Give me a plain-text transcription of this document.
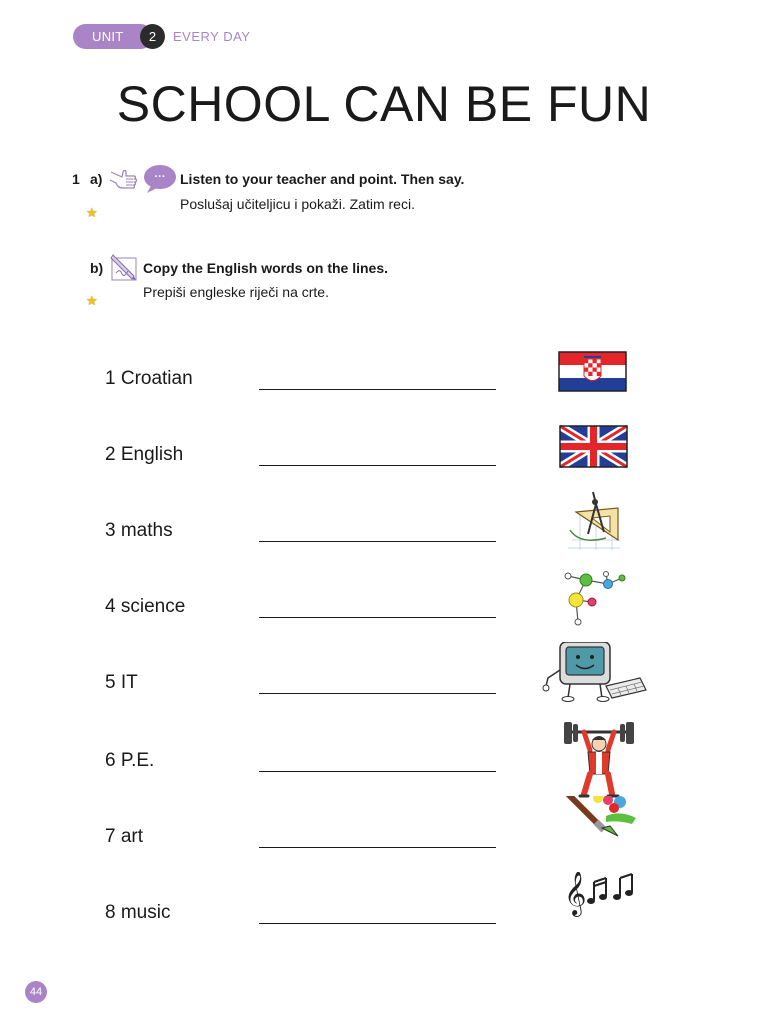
UNIT	2	EVERY DAY
SCHOOL CAN BE FUN
1 a)	··· Listen to your teacher and point. Then say.
Poslušaj učiteljicu i pokaži. Zatim reci.
★
b)	Copy the English words on the lines.
Prepiši engleske riječi na crte.
★
1 Croatian
2 English
3 maths
4 science
5 IT
6 P.E.
7 art
8 music	𝄞
44
